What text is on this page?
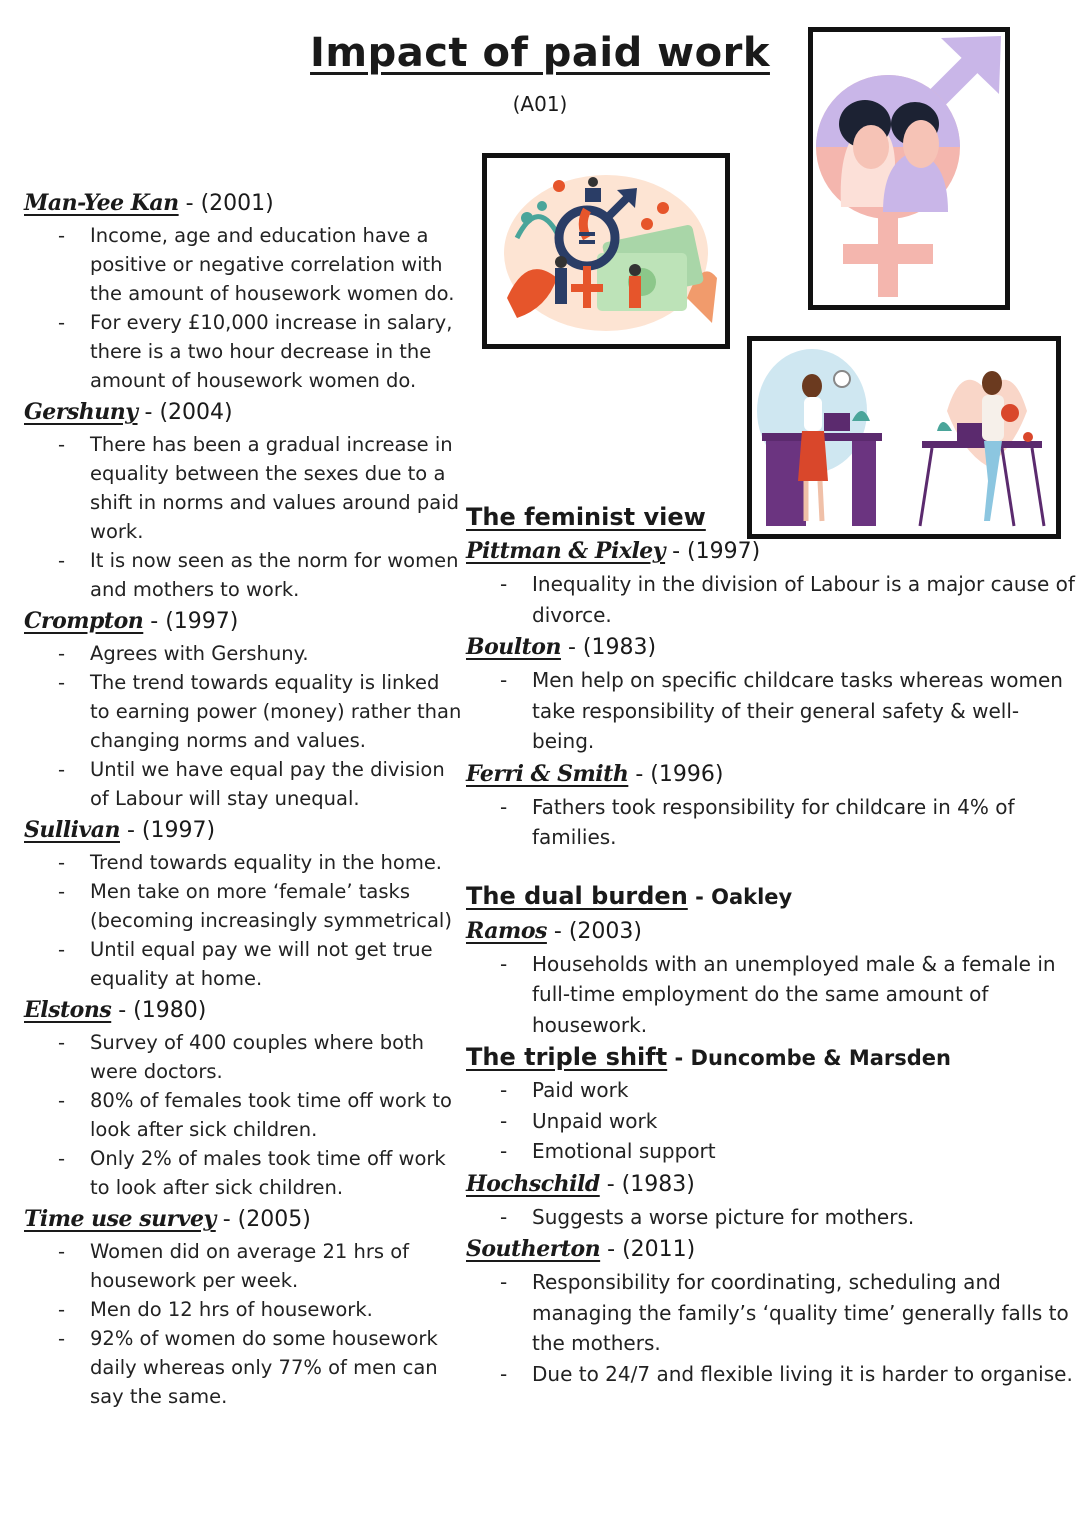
Impact of paid work
(A01)
Man-Yee Kan - (2001)
- Income, age and education have a positive or negative correlation with the amount of housework women do.
- For every £10,000 increase in salary, there is a two hour decrease in the amount of housework women do.
Gershuny - (2004)
- There has been a gradual increase in equality between the sexes due to a shift in norms and values around paid work.
- It is now seen as the norm for women and mothers to work.
Crompton - (1997)
- Agrees with Gershuny.
- The trend towards equality is linked to earning power (money) rather than changing norms and values.
- Until we have equal pay the division of Labour will stay unequal.
Sullivan - (1997)
- Trend towards equality in the home.
- Men take on more ‘female’ tasks (becoming increasingly symmetrical)
- Until equal pay we will not get true equality at home.
Elstons - (1980)
- Survey of 400 couples where both were doctors.
- 80% of females took time off work to look after sick children.
- Only 2% of males took time off work to look after sick children.
Time use survey - (2005)
- Women did on average 21 hrs of housework per week.
- Men do 12 hrs of housework.
- 92% of women do some housework daily whereas only 77% of men can say the same.
The feminist view
Pittman & Pixley - (1997)
- Inequality in the division of Labour is a major cause of divorce.
Boulton - (1983)
- Men help on specific childcare tasks whereas women take responsibility of their general safety & well-being.
Ferri & Smith - (1996)
- Fathers took responsibility for childcare in 4% of families.
The dual burden - Oakley
Ramos - (2003)
- Households with an unemployed male & a female in full-time employment do the same amount of housework.
The triple shift - Duncombe & Marsden
- Paid work
- Unpaid work
- Emotional support
Hochschild - (1983)
- Suggests a worse picture for mothers.
Southerton - (2011)
- Responsibility for coordinating, scheduling and managing the family’s ‘quality time’ generally falls to the mothers.
- Due to 24/7 and flexible living it is harder to organise.
